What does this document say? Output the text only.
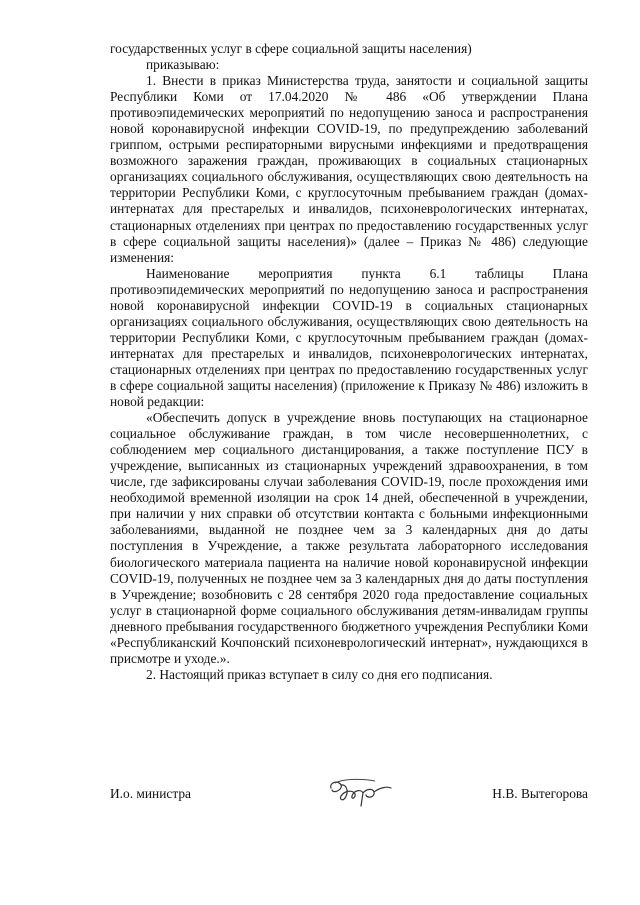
государственных услуг в сфере социальной защиты населения)

приказываю:

1. Внести в приказ Министерства труда, занятости и социальной защиты Республики Коми от 17.04.2020 № 486 «Об утверждении Плана противоэпидемических мероприятий по недопущению заноса и распространения новой коронавирусной инфекции COVID-19, по предупреждению заболеваний гриппом, острыми респираторными вирусными инфекциями и предотвращения возможного заражения граждан, проживающих в социальных стационарных организациях социального обслуживания, осуществляющих свою деятельность на территории Республики Коми, с круглосуточным пребыванием граждан (домах-интернатах для престарелых и инвалидов, психоневрологических интернатах, стационарных отделениях при центрах по предоставлению государственных услуг в сфере социальной защиты населения)» (далее – Приказ № 486) следующие изменения:

Наименование мероприятия пункта 6.1 таблицы Плана противоэпидемических мероприятий по недопущению заноса и распространения новой коронавирусной инфекции COVID-19 в социальных стационарных организациях социального обслуживания, осуществляющих свою деятельность на территории Республики Коми, с круглосуточным пребыванием граждан (домах-интернатах для престарелых и инвалидов, психоневрологических интернатах, стационарных отделениях при центрах по предоставлению государственных услуг в сфере социальной защиты населения) (приложение к Приказу № 486) изложить в новой редакции:

«Обеспечить допуск в учреждение вновь поступающих на стационарное социальное обслуживание граждан, в том числе несовершеннолетних, с соблюдением мер социального дистанцирования, а также поступление ПСУ в учреждение, выписанных из стационарных учреждений здравоохранения, в том числе, где зафиксированы случаи заболевания COVID-19, после прохождения ими необходимой временной изоляции на срок 14 дней, обеспеченной в учреждении, при наличии у них справки об отсутствии контакта с больными инфекционными заболеваниями, выданной не позднее чем за 3 календарных дня до даты поступления в Учреждение, а также результата лабораторного исследования биологического материала пациента на наличие новой коронавирусной инфекции COVID-19, полученных не позднее чем за 3 календарных дня до даты поступления в Учреждение; возобновить с 28 сентября 2020 года предоставление социальных услуг в стационарной форме социального обслуживания детям-инвалидам группы дневного пребывания государственного бюджетного учреждения Республики Коми «Республиканский Кочпонский психоневрологический интернат», нуждающихся в присмотре и уходе.».

2. Настоящий приказ вступает в силу со дня его подписания.

И.о. министра	Н.В. Вытегорова
